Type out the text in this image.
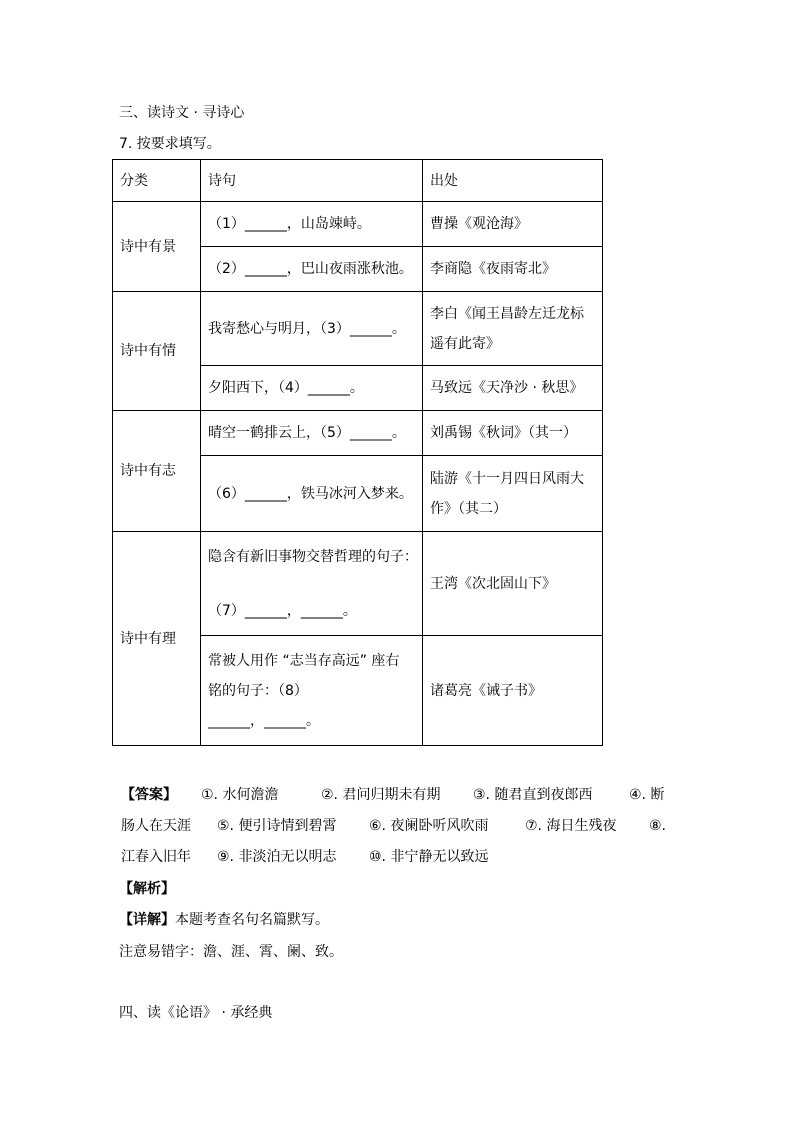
三、读诗文 · 寻诗心
7. 按要求填写。
分类	诗句	出处
诗中有景	（1）______，山岛竦峙。	曹操《观沧海》
	（2）______，巴山夜雨涨秋池。	李商隐《夜雨寄北》
诗中有情	我寄愁心与明月，（3）______。	李白《闻王昌龄左迁龙标
遥有此寄》

	夕阳西下，（4）______。	马致远《天净沙 · 秋思》
诗中有志	晴空一鹤排云上，（5）______。	刘禹锡《秋词》（其一）
	（6）______，铁马冰河入梦来。	陆游《十一月四日风雨大
作》（其二）

诗中有理	隐含有新旧事物交替哲理的句子：
（7）______，______。	王湾《次北固山下》

	常被人用作 “志当存高远” 座右
铭的句子：（8）
______，______。	诸葛亮《诫子书》
【答案】 ①. 水何澹澹	②. 君问归期未有期 ③. 随君直到夜郎西	④. 断
肠人在天涯 ⑤. 便引诗情到碧霄 ⑥. 夜阑卧听风吹雨	⑦. 海日生残夜 ⑧.
江春入旧年 ⑨. 非淡泊无以明志 ⑩. 非宁静无以致远
【解析】
【详解】本题考查名句名篇默写。
注意易错字：澹、涯、霄、阑、致。
四、读《论语》 · 承经典
